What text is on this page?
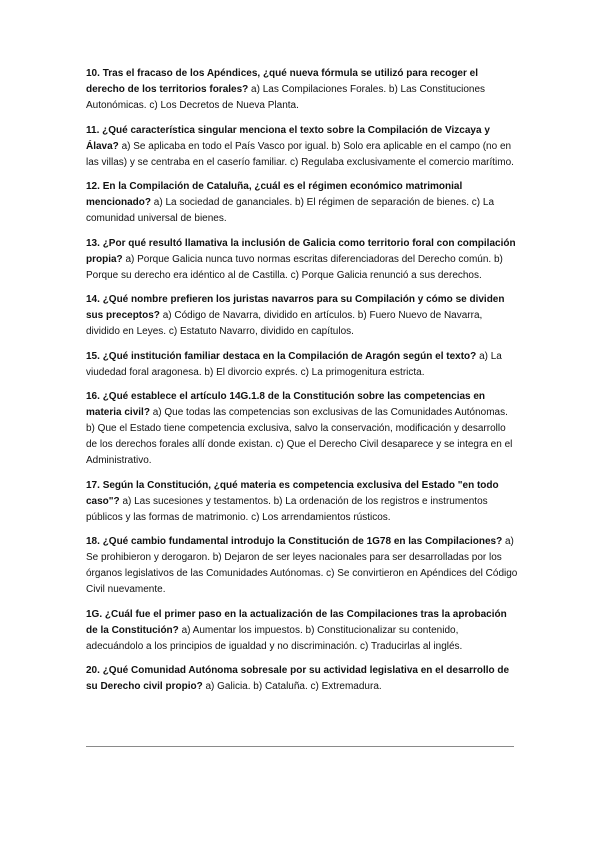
10. Tras el fracaso de los Apéndices, ¿qué nueva fórmula se utilizó para recoger el derecho de los territorios forales? a) Las Compilaciones Forales. b) Las Constituciones Autonómicas. c) Los Decretos de Nueva Planta.

11. ¿Qué característica singular menciona el texto sobre la Compilación de Vizcaya y Álava? a) Se aplicaba en todo el País Vasco por igual. b) Solo era aplicable en el campo (no en las villas) y se centraba en el caserío familiar. c) Regulaba exclusivamente el comercio marítimo.

12. En la Compilación de Cataluña, ¿cuál es el régimen económico matrimonial mencionado? a) La sociedad de gananciales. b) El régimen de separación de bienes. c) La comunidad universal de bienes.

13. ¿Por qué resultó llamativa la inclusión de Galicia como territorio foral con compilación propia? a) Porque Galicia nunca tuvo normas escritas diferenciadoras del Derecho común. b) Porque su derecho era idéntico al de Castilla. c) Porque Galicia renunció a sus derechos.

14. ¿Qué nombre prefieren los juristas navarros para su Compilación y cómo se dividen sus preceptos? a) Código de Navarra, dividido en artículos. b) Fuero Nuevo de Navarra, dividido en Leyes. c) Estatuto Navarro, dividido en capítulos.

15. ¿Qué institución familiar destaca en la Compilación de Aragón según el texto? a) La viudedad foral aragonesa. b) El divorcio exprés. c) La primogenitura estricta.

16. ¿Qué establece el artículo 14G.1.8 de la Constitución sobre las competencias en materia civil? a) Que todas las competencias son exclusivas de las Comunidades Autónomas. b) Que el Estado tiene competencia exclusiva, salvo la conservación, modificación y desarrollo de los derechos forales allí donde existan. c) Que el Derecho Civil desaparece y se integra en el Administrativo.

17. Según la Constitución, ¿qué materia es competencia exclusiva del Estado "en todo caso"? a) Las sucesiones y testamentos. b) La ordenación de los registros e instrumentos públicos y las formas de matrimonio. c) Los arrendamientos rústicos.

18. ¿Qué cambio fundamental introdujo la Constitución de 1G78 en las Compilaciones? a) Se prohibieron y derogaron. b) Dejaron de ser leyes nacionales para ser desarrolladas por los órganos legislativos de las Comunidades Autónomas. c) Se convirtieron en Apéndices del Código Civil nuevamente.

1G. ¿Cuál fue el primer paso en la actualización de las Compilaciones tras la aprobación de la Constitución? a) Aumentar los impuestos. b) Constitucionalizar su contenido, adecuándolo a los principios de igualdad y no discriminación. c) Traducirlas al inglés.

20. ¿Qué Comunidad Autónoma sobresale por su actividad legislativa en el desarrollo de su Derecho civil propio? a) Galicia. b) Cataluña. c) Extremadura.
